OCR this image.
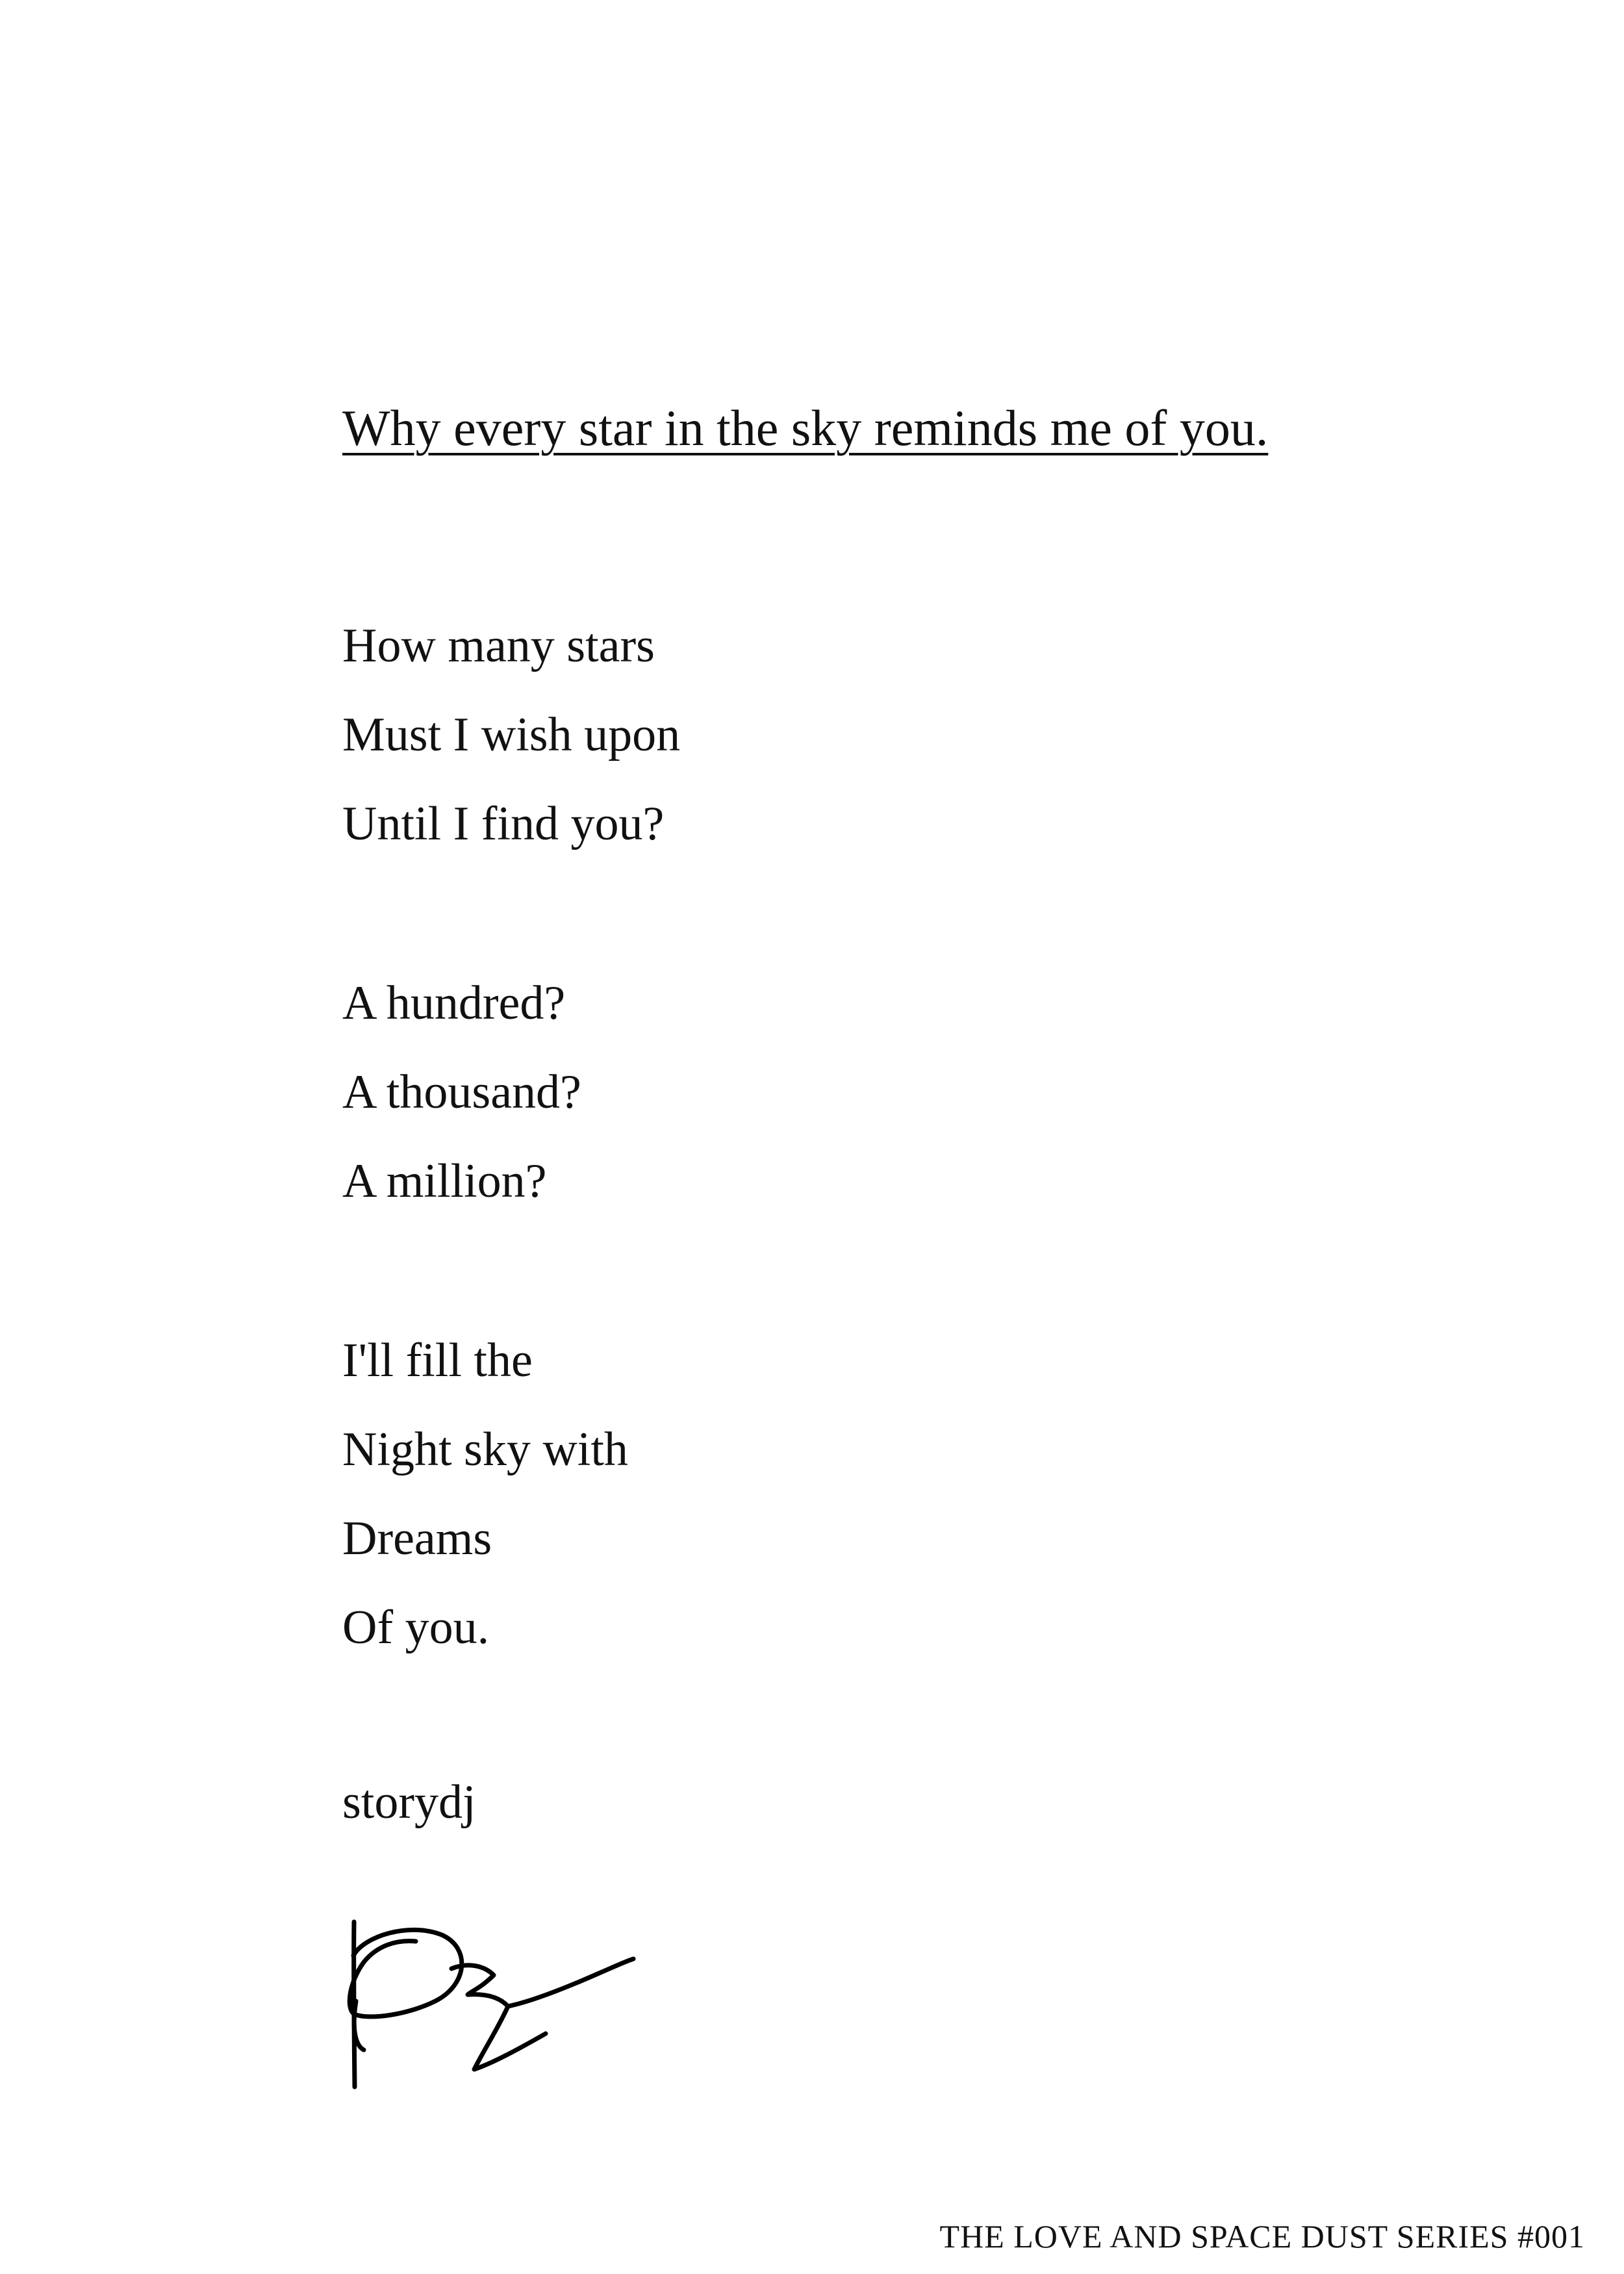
Why every star in the sky reminds me of you.

How many stars

Must I wish upon

Until I find you?

A hundred?

A thousand?

A million?

I'll fill the

Night sky with

Dreams

Of you.

storydj

THE LOVE AND SPACE DUST SERIES #001
